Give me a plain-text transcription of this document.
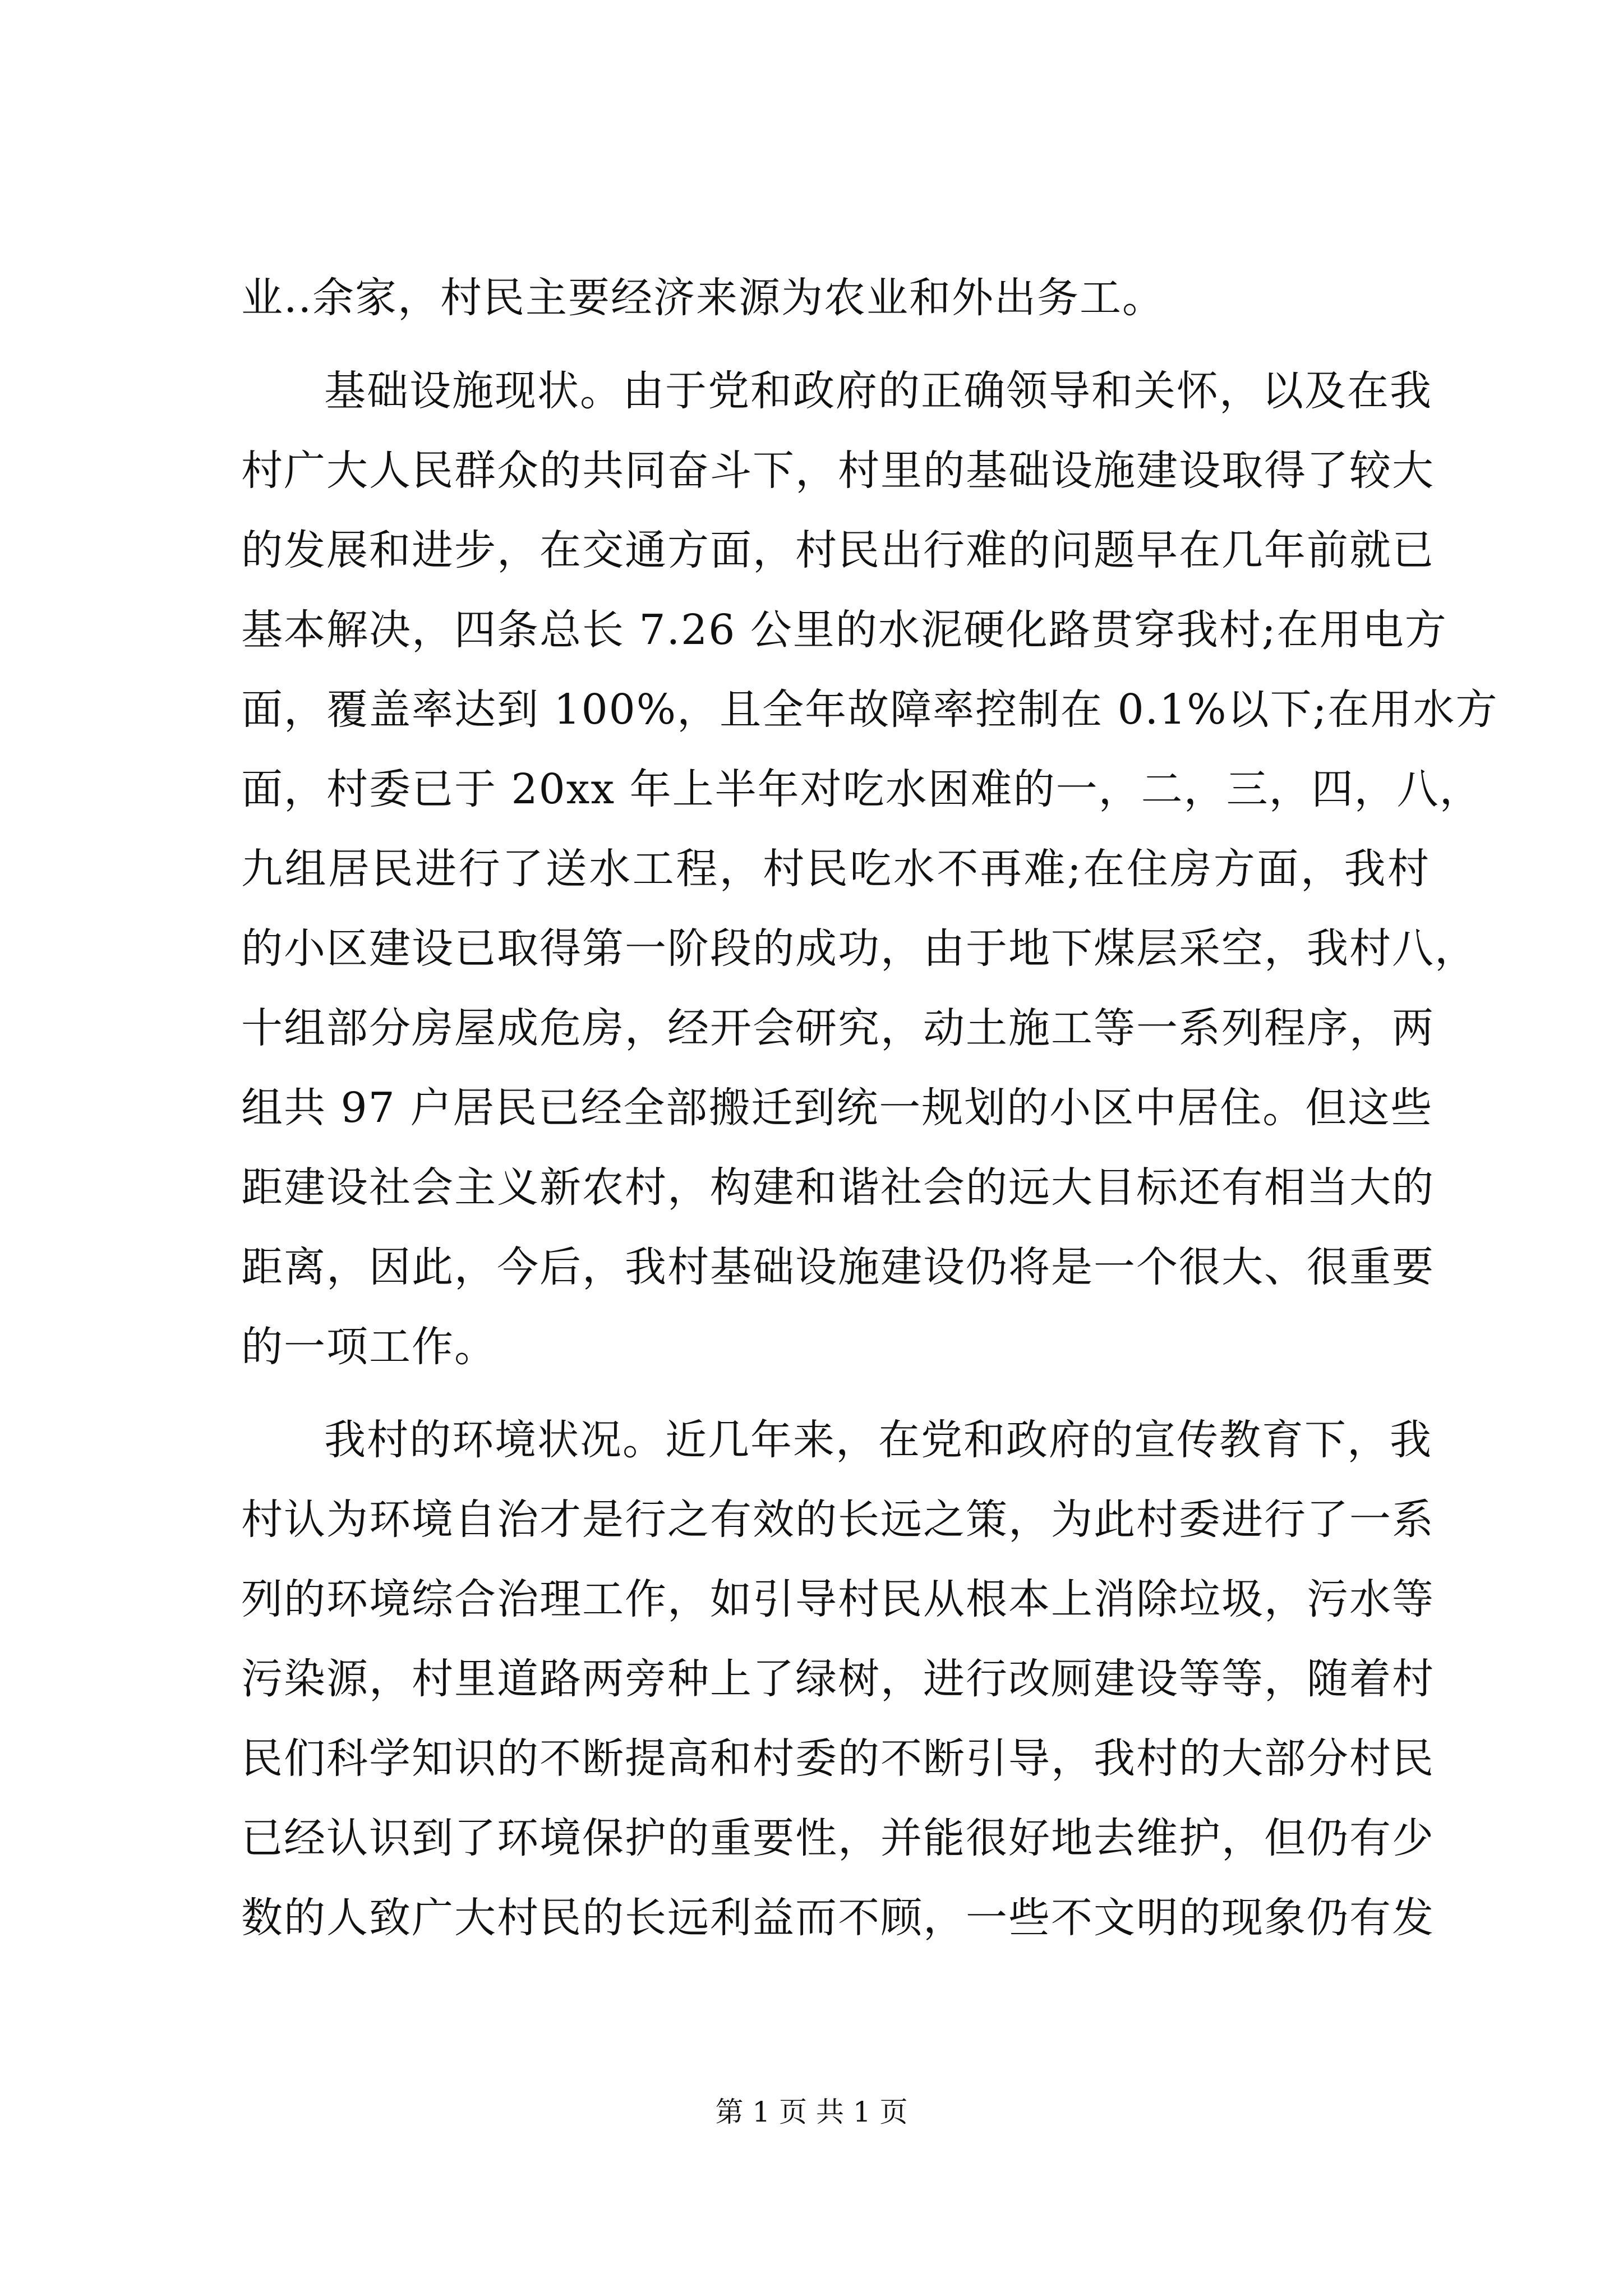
业..余家，村民主要经济来源为农业和外出务工。
基础设施现状。由于党和政府的正确领导和关怀，以及在我
村广大人民群众的共同奋斗下，村里的基础设施建设取得了较大
的发展和进步，在交通方面，村民出行难的问题早在几年前就已
基本解决，四条总长 7.26 公里的水泥硬化路贯穿我村;在用电方
面，覆盖率达到 100%，且全年故障率控制在 0.1%以下;在用水方
面，村委已于 20xx 年上半年对吃水困难的一，二，三，四，八，
九组居民进行了送水工程，村民吃水不再难;在住房方面，我村
的小区建设已取得第一阶段的成功，由于地下煤层采空，我村八，
十组部分房屋成危房，经开会研究，动土施工等一系列程序，两
组共 97 户居民已经全部搬迁到统一规划的小区中居住。但这些
距建设社会主义新农村，构建和谐社会的远大目标还有相当大的
距离，因此，今后，我村基础设施建设仍将是一个很大、很重要
的一项工作。
我村的环境状况。近几年来，在党和政府的宣传教育下，我
村认为环境自治才是行之有效的长远之策，为此村委进行了一系
列的环境综合治理工作，如引导村民从根本上消除垃圾，污水等
污染源，村里道路两旁种上了绿树，进行改厕建设等等，随着村
民们科学知识的不断提高和村委的不断引导，我村的大部分村民
已经认识到了环境保护的重要性，并能很好地去维护，但仍有少
数的人致广大村民的长远利益而不顾，一些不文明的现象仍有发
第 1 页 共 1 页
